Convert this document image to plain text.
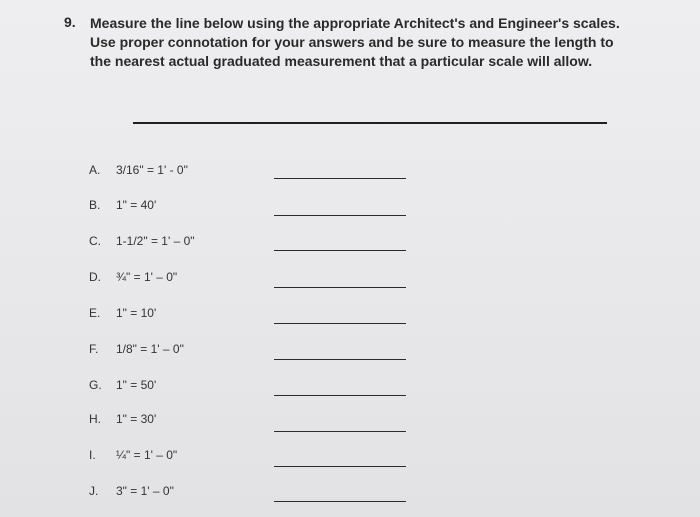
9. Measure the line below using the appropriate Architect's and Engineer's scales.
Use proper connotation for your answers and be sure to measure the length to
the nearest actual graduated measurement that a particular scale will allow.
A. 3/16" = 1' - 0"
B. 1" = 40'
C. 1-1/2" = 1' – 0"
D. ¾" = 1' – 0"
E. 1" = 10'
F. 1/8" = 1' – 0"
G. 1" = 50'
H. 1" = 30'
I. ¼" = 1' – 0"
J. 3" = 1' – 0"
